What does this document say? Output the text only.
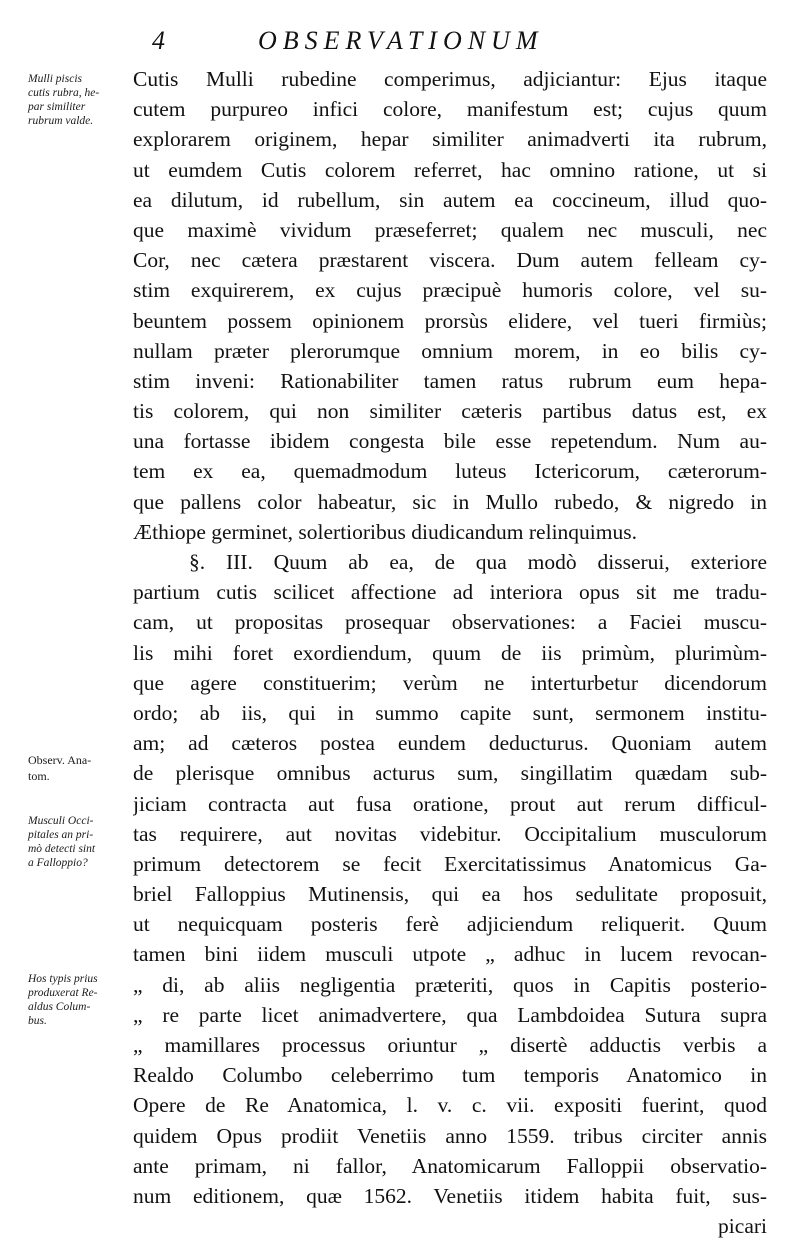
4	OBSERVATIONUM
Mulli piscis
cutis rubra, he-
par similiter
rubrum valde.
Observ. Ana-
tom.
Musculi Occi-
pitales an pri-
mò detecti sint
a Falloppio?
Hos typis prius
produxerat Re-
aldus Colum-
bus.
Cutis Mulli rubedine comperimus, adjiciantur: Ejus itaque
cutem purpureo infici colore, manifestum est; cujus quum
explorarem originem, hepar similiter animadverti ita rubrum,
ut eumdem Cutis colorem referret, hac omnino ratione, ut si
ea dilutum, id rubellum, sin autem ea coccineum, illud quo-
que maximè vividum præseferret; qualem nec musculi, nec
Cor, nec cætera præstarent viscera. Dum autem felleam cy-
stim exquirerem, ex cujus præcipuè humoris colore, vel su-
beuntem possem opinionem prorsùs elidere, vel tueri firmiùs;
nullam præter plerorumque omnium morem, in eo bilis cy-
stim inveni: Rationabiliter tamen ratus rubrum eum hepa-
tis colorem, qui non similiter cæteris partibus datus est, ex
una fortasse ibidem congesta bile esse repetendum. Num au-
tem ex ea, quemadmodum luteus Ictericorum, cæterorum-
que pallens color habeatur, sic in Mullo rubedo, & nigredo in
Æthiope germinet, solertioribus diudicandum relinquimus.
§. III. Quum ab ea, de qua modò disserui, exteriore
partium cutis scilicet affectione ad interiora opus sit me tradu-
cam, ut propositas prosequar observationes: a Faciei muscu-
lis mihi foret exordiendum, quum de iis primùm, plurimùm-
que agere constituerim; verùm ne interturbetur dicendorum
ordo; ab iis, qui in summo capite sunt, sermonem institu-
am; ad cæteros postea eundem deducturus. Quoniam autem
de plerisque omnibus acturus sum, singillatim quædam sub-
jiciam contracta aut fusa oratione, prout aut rerum difficul-
tas requirere, aut novitas videbitur. Occipitalium musculorum
primum detectorem se fecit Exercitatissimus Anatomicus Ga-
briel Falloppius Mutinensis, qui ea hos sedulitate proposuit,
ut nequicquam posteris ferè adjiciendum reliquerit. Quum
tamen bini iidem musculi utpote „ adhuc in lucem revocan-
„ di, ab aliis negligentia præteriti, quos in Capitis posterio-
„ re parte licet animadvertere, qua Lambdoidea Sutura supra
„ mamillares processus oriuntur „ disertè adductis verbis a
Realdo Columbo celeberrimo tum temporis Anatomico in
Opere de Re Anatomica, l. v. c. vii. expositi fuerint, quod
quidem Opus prodiit Venetiis anno 1559. tribus circiter annis
ante primam, ni fallor, Anatomicarum Falloppii observatio-
num editionem, quæ 1562. Venetiis itidem habita fuit, sus-
picari
